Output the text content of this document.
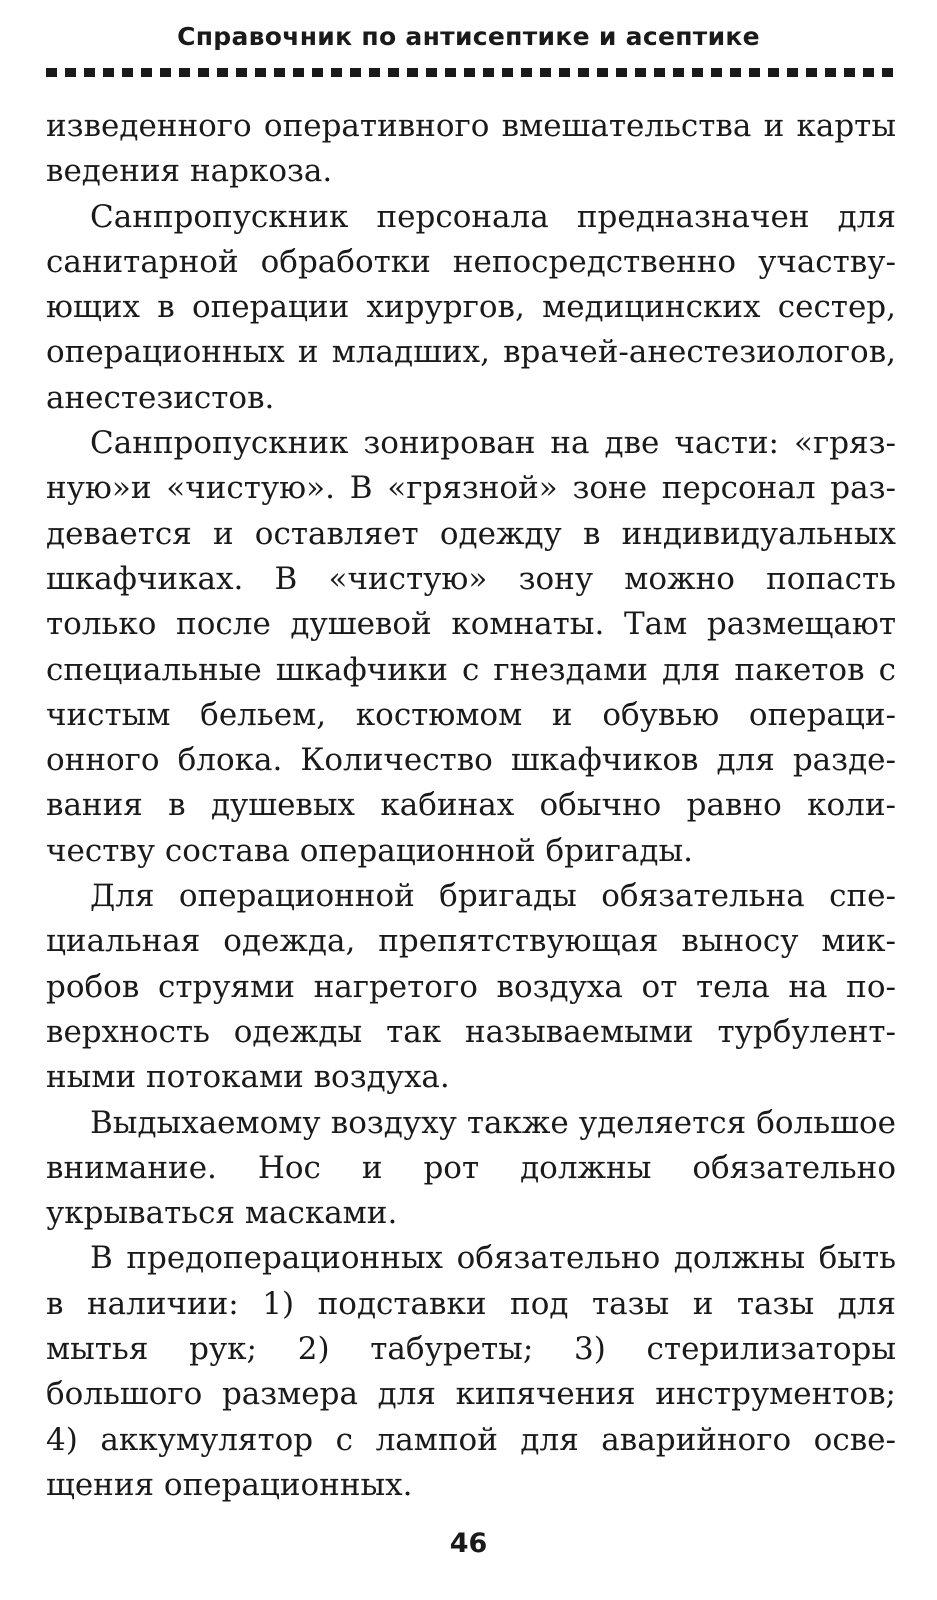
Справочник по антисептике и асептике

изведенного оперативного вмешательства и карты ведения наркоза.

Санпропускник персонала предназначен для санитарной обработки непосредственно участвующих в операции хирургов, медицинских сестер, операционных и младших, врачей-анестезиологов, анестезистов.

Санпропускник зонирован на две части: «грязную»и «чистую». В «грязной» зоне персонал раздевается и оставляет одежду в индивидуальных шкафчиках. В «чистую» зону можно попасть только после душевой комнаты. Там размещают специальные шкафчики с гнездами для пакетов с чистым бельем, костюмом и обувью операционного блока. Количество шкафчиков для раздевания в душевых кабинах обычно равно количеству состава операционной бригады.

Для операционной бригады обязательна специальная одежда, препятствующая выносу микробов струями нагретого воздуха от тела на поверхность одежды так называемыми турбулентными потоками воздуха.

Выдыхаемому воздуху также уделяется большое внимание. Нос и рот должны обязательно укрываться масками.

В предоперационных обязательно должны быть в наличии: 1) подставки под тазы и тазы для мытья рук; 2) табуреты; 3) стерилизаторы большого размера для кипячения инструментов; 4) аккумулятор с лампой для аварийного освещения операционных.

46
